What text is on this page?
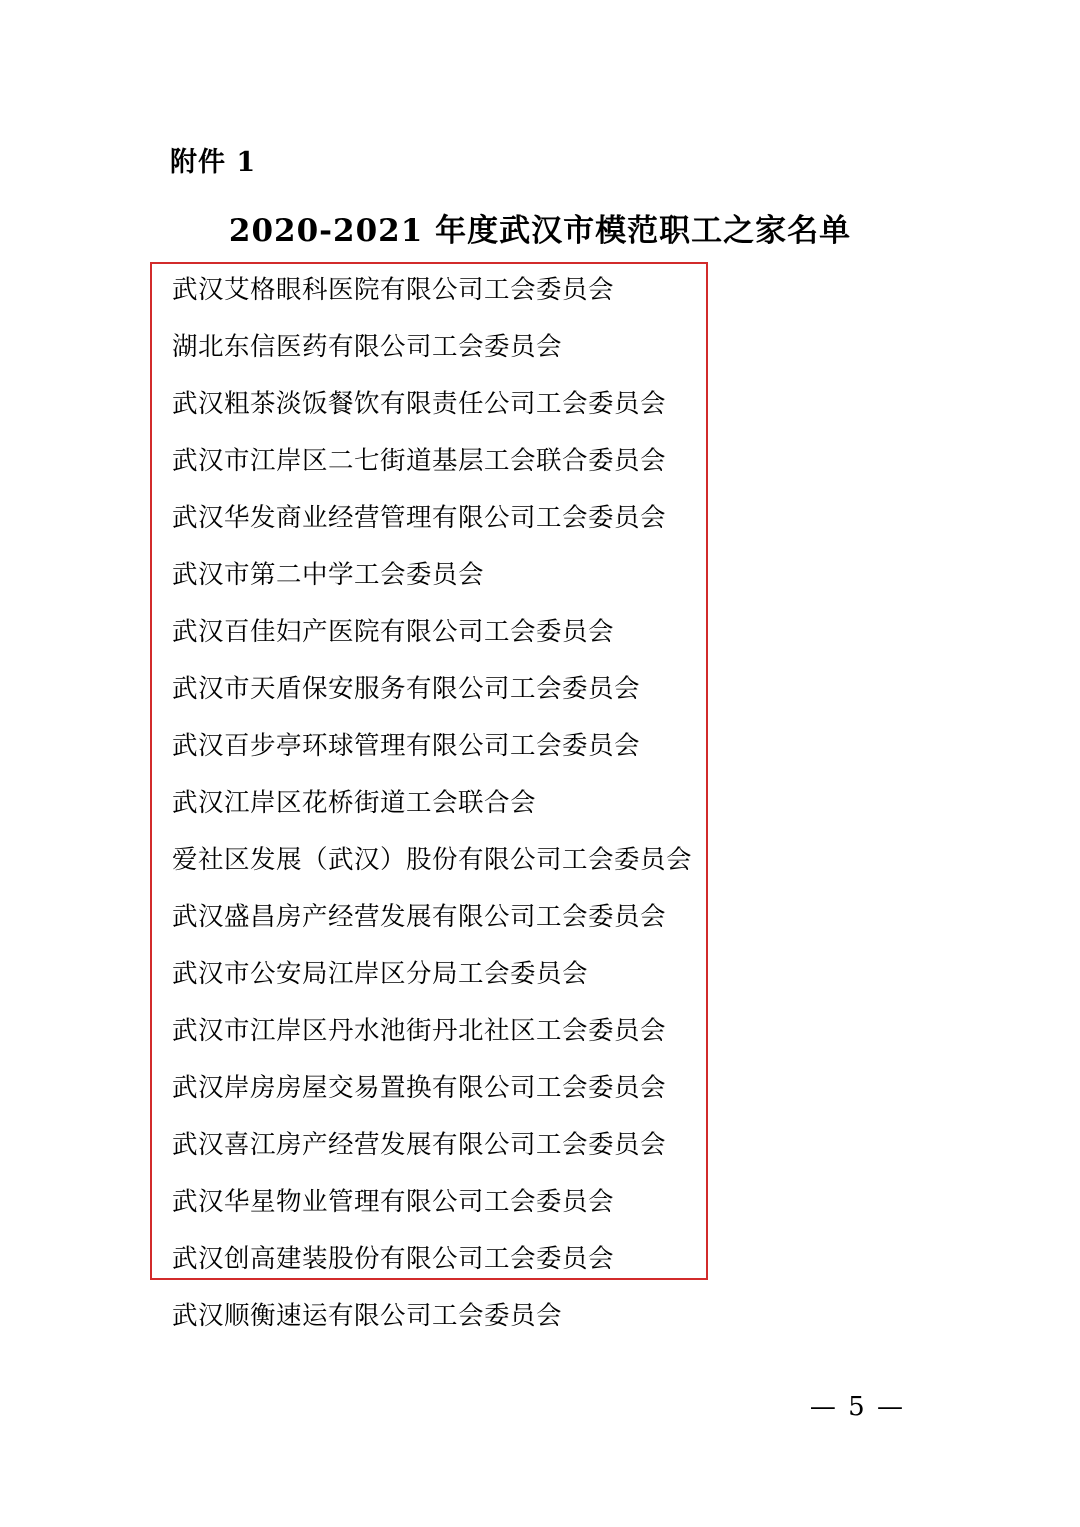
附件 1
2020-2021 年度武汉市模范职工之家名单
武汉艾格眼科医院有限公司工会委员会
湖北东信医药有限公司工会委员会
武汉粗茶淡饭餐饮有限责任公司工会委员会
武汉市江岸区二七街道基层工会联合委员会
武汉华发商业经营管理有限公司工会委员会
武汉市第二中学工会委员会
武汉百佳妇产医院有限公司工会委员会
武汉市天盾保安服务有限公司工会委员会
武汉百步亭环球管理有限公司工会委员会
武汉江岸区花桥街道工会联合会
爱社区发展（武汉）股份有限公司工会委员会
武汉盛昌房产经营发展有限公司工会委员会
武汉市公安局江岸区分局工会委员会
武汉市江岸区丹水池街丹北社区工会委员会
武汉岸房房屋交易置换有限公司工会委员会
武汉喜江房产经营发展有限公司工会委员会
武汉华星物业管理有限公司工会委员会
武汉创高建装股份有限公司工会委员会
武汉顺衡速运有限公司工会委员会
— 5 —
